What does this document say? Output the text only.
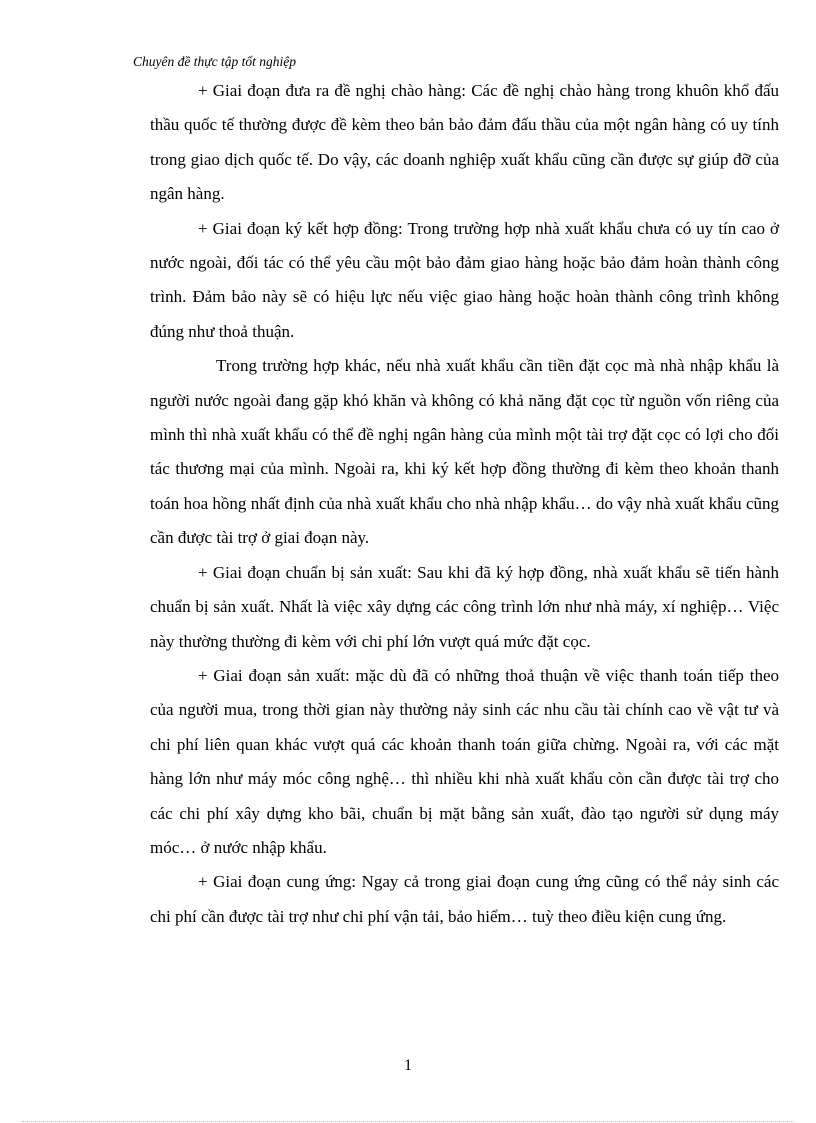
Chuyên đề thực tập tốt nghiệp

+ Giai đoạn đưa ra đề nghị chào hàng: Các đề nghị chào hàng trong khuôn khổ đấu thầu quốc tế thường được đề kèm theo bản bảo đảm đấu thầu của một ngân hàng có uy tính trong giao dịch quốc tế. Do vậy, các doanh nghiệp xuất khẩu cũng cần được sự giúp đỡ của ngân hàng.

+ Giai đoạn ký kết hợp đồng: Trong trường hợp nhà xuất khẩu chưa có uy tín cao ở nước ngoài, đối tác có thể yêu cầu một bảo đảm giao hàng hoặc bảo đảm hoàn thành công trình. Đảm bảo này sẽ có hiệu lực nếu việc giao hàng hoặc hoàn thành công trình không đúng như thoả thuận.

Trong trường hợp khác, nếu nhà xuất khẩu cần tiền đặt cọc mà nhà nhập khẩu là người nước ngoài đang gặp khó khăn và không có khả năng đặt cọc từ nguồn vốn riêng của mình thì nhà xuất khẩu có thể đề nghị ngân hàng của mình một tài trợ đặt cọc có lợi cho đối tác thương mại của mình. Ngoài ra, khi ký kết hợp đồng thường đi kèm theo khoản thanh toán hoa hồng nhất định của nhà xuất khẩu cho nhà nhập khẩu… do vậy nhà xuất khẩu cũng cần được tài trợ ở giai đoạn này.

+ Giai đoạn chuẩn bị sản xuất: Sau khi đã ký hợp đồng, nhà xuất khẩu sẽ tiến hành chuẩn bị sản xuất. Nhất là việc xây dựng các công trình lớn như nhà máy, xí nghiệp… Việc này thường thường đi kèm với chi phí lớn vượt quá mức đặt cọc.

+ Giai đoạn sản xuất: mặc dù đã có những thoả thuận về việc thanh toán tiếp theo của người mua, trong thời gian này thường nảy sinh các nhu cầu tài chính cao về vật tư và chi phí liên quan khác vượt quá các khoản thanh toán giữa chừng. Ngoài ra, với các mặt hàng lớn như máy móc công nghệ… thì nhiều khi nhà xuất khẩu còn cần được tài trợ cho các chi phí xây dựng kho bãi, chuẩn bị mặt bằng sản xuất, đào tạo người sử dụng máy móc… ở nước nhập khẩu.

+ Giai đoạn cung ứng: Ngay cả trong giai đoạn cung ứng cũng có thể nảy sinh các chi phí cần được tài trợ như chi phí vận tải, bảo hiểm… tuỳ theo điều kiện cung ứng.

1
